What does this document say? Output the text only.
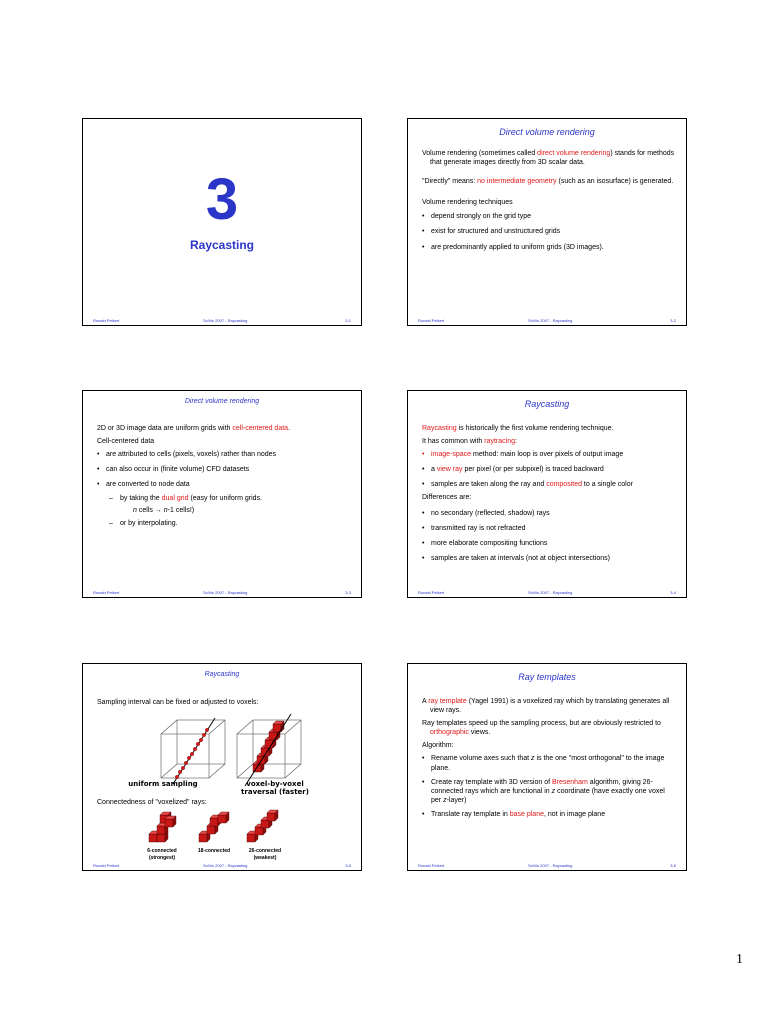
3
Raycasting
Ronald Peikert	SciVis 2007 - Raycasting	3-1
Direct volume rendering

Volume rendering (sometimes called direct volume rendering) stands for methods that generate images directly from 3D scalar data.

"Directly" means: no intermediate geometry (such as an isosurface) is generated.

Volume rendering techniques

• depend strongly on the grid type
• exist for structured and unstructured grids
• are predominantly applied to uniform grids (3D images).
Ronald Peikert	SciVis 2007 - Raycasting	3-2
Direct volume rendering

2D or 3D image data are uniform grids with cell-centered data.

Cell-centered data

• are attributed to cells (pixels, voxels) rather than nodes
• can also occur in (finite volume) CFD datasets
• are converted to node data
–	by taking the dual grid (easy for uniform grids.
n cells → n-1 cells!)
–	or by interpolating.
Ronald Peikert	SciVis 2007 - Raycasting	3-3
Raycasting

Raycasting is historically the first volume rendering technique.

It has common with raytracing:

• image-space method: main loop is over pixels of output image
• a view ray per pixel (or per subpixel) is traced backward
• samples are taken along the ray and composited to a single color

Differences are:

• no secondary (reflected, shadow) rays
• transmitted ray is not refracted
• more elaborate compositing functions
• samples are taken at intervals (not at object intersections)
Ronald Peikert	SciVis 2007 - Raycasting	3-4
Raycasting
Sampling interval can be fixed or adjusted to voxels:
uniform sampling	voxel-by-voxel traversal (faster)
Connectedness of "voxelized" rays:
6-connected (strongest)
18-connected	26-connected (weakest)
Ronald Peikert	SciVis 2007 - Raycasting	3-5
Ray templates

A ray template (Yagel 1991) is a voxelized ray which by translating generates all view rays.

Ray templates speed up the sampling process, but are obviously restricted to orthographic views.

Algorithm:

• Rename volume axes such that z is the one "most orthogonal" to the image plane.
• Create ray template with 3D version of Bresenham algorithm, giving 26-connected rays which are functional in z coordinate (have exactly one voxel per z-layer)
• Translate ray template in base plane, not in image plane
Ronald Peikert	SciVis 2007 - Raycasting	3-6
1
